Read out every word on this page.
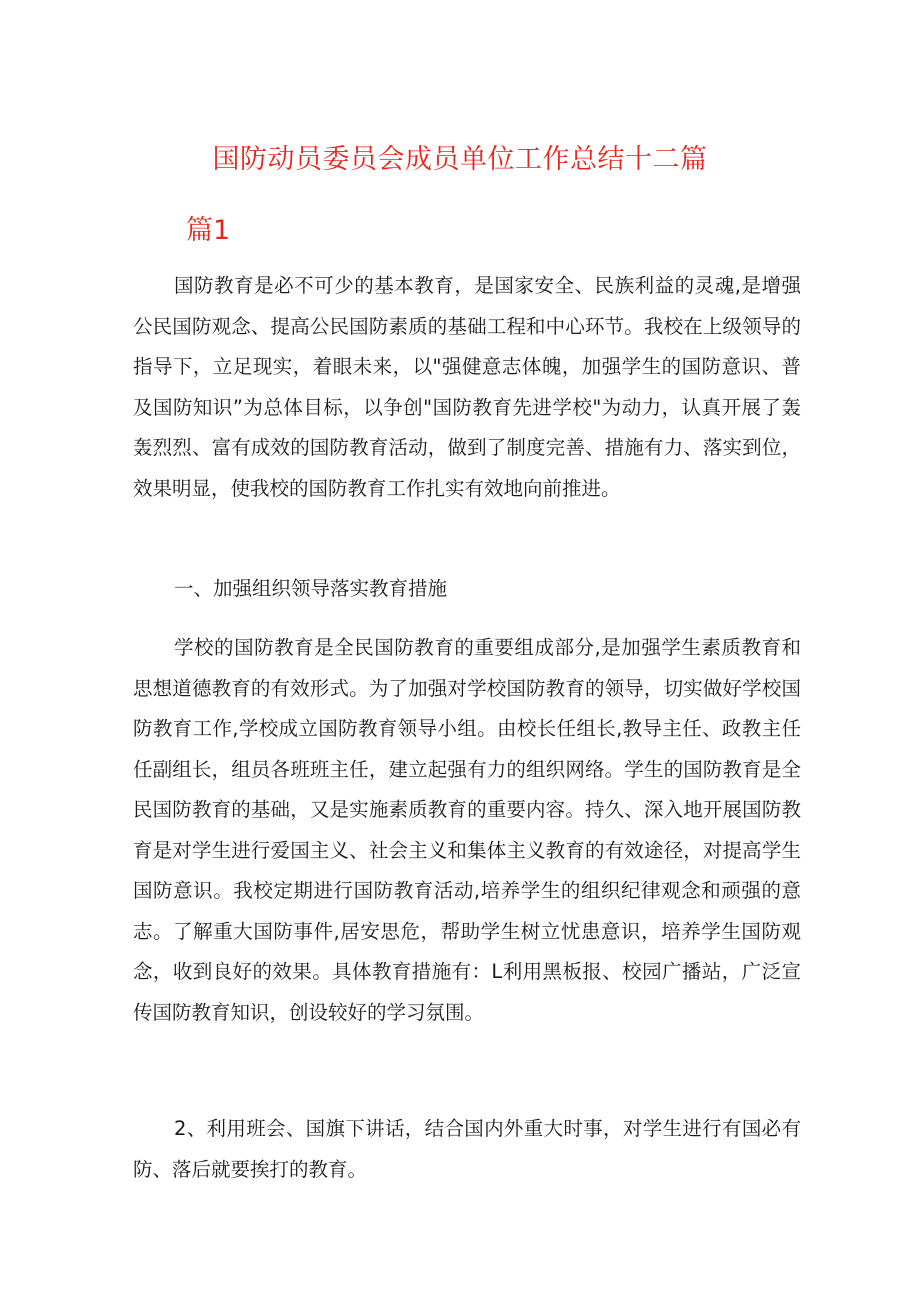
国防动员委员会成员单位工作总结十二篇
篇1

国防教育是必不可少的基本教育，是国家安全、民族利益的灵魂,是增强公民国防观念、提高公民国防素质的基础工程和中心环节。我校在上级领导的指导下，立足现实，着眼未来，以"强健意志体魄，加强学生的国防意识、普及国防知识”为总体目标，以争创"国防教育先进学校"为动力，认真开展了轰轰烈烈、富有成效的国防教育活动，做到了制度完善、措施有力、落实到位，效果明显，使我校的国防教育工作扎实有效地向前推进。

一、加强组织领导落实教育措施

学校的国防教育是全民国防教育的重要组成部分,是加强学生素质教育和思想道德教育的有效形式。为了加强对学校国防教育的领导，切实做好学校国防教育工作,学校成立国防教育领导小组。由校长任组长,教导主任、政教主任任副组长，组员各班班主任，建立起强有力的组织网络。学生的国防教育是全民国防教育的基础，又是实施素质教育的重要内容。持久、深入地开展国防教育是对学生进行爱国主义、社会主义和集体主义教育的有效途径，对提高学生国防意识。我校定期进行国防教育活动,培养学生的组织纪律观念和顽强的意志。了解重大国防事件,居安思危，帮助学生树立忧患意识，培养学生国防观念，收到良好的效果。具体教育措施有：L利用黑板报、校园广播站，广泛宣传国防教育知识，创设较好的学习氛围。

2、利用班会、国旗下讲话，结合国内外重大时事，对学生进行有国必有防、落后就要挨打的教育。
